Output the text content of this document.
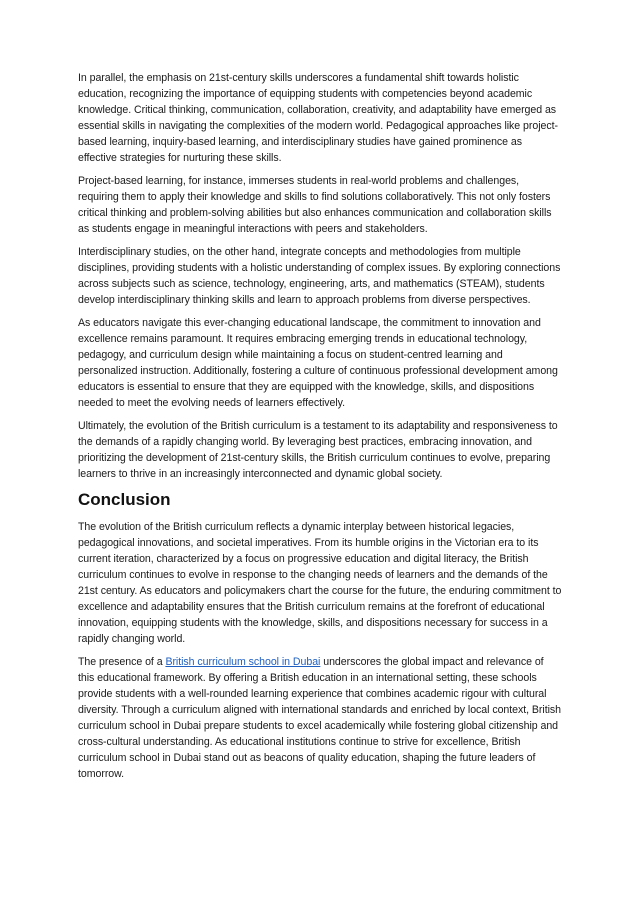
In parallel, the emphasis on 21st-century skills underscores a fundamental shift towards holistic education, recognizing the importance of equipping students with competencies beyond academic knowledge. Critical thinking, communication, collaboration, creativity, and adaptability have emerged as essential skills in navigating the complexities of the modern world. Pedagogical approaches like project-based learning, inquiry-based learning, and interdisciplinary studies have gained prominence as effective strategies for nurturing these skills.

Project-based learning, for instance, immerses students in real-world problems and challenges, requiring them to apply their knowledge and skills to find solutions collaboratively. This not only fosters critical thinking and problem-solving abilities but also enhances communication and collaboration skills as students engage in meaningful interactions with peers and stakeholders.

Interdisciplinary studies, on the other hand, integrate concepts and methodologies from multiple disciplines, providing students with a holistic understanding of complex issues. By exploring connections across subjects such as science, technology, engineering, arts, and mathematics (STEAM), students develop interdisciplinary thinking skills and learn to approach problems from diverse perspectives.

As educators navigate this ever-changing educational landscape, the commitment to innovation and excellence remains paramount. It requires embracing emerging trends in educational technology, pedagogy, and curriculum design while maintaining a focus on student-centred learning and personalized instruction. Additionally, fostering a culture of continuous professional development among educators is essential to ensure that they are equipped with the knowledge, skills, and dispositions needed to meet the evolving needs of learners effectively.

Ultimately, the evolution of the British curriculum is a testament to its adaptability and responsiveness to the demands of a rapidly changing world. By leveraging best practices, embracing innovation, and prioritizing the development of 21st-century skills, the British curriculum continues to evolve, preparing learners to thrive in an increasingly interconnected and dynamic global society.

Conclusion

The evolution of the British curriculum reflects a dynamic interplay between historical legacies, pedagogical innovations, and societal imperatives. From its humble origins in the Victorian era to its current iteration, characterized by a focus on progressive education and digital literacy, the British curriculum continues to evolve in response to the changing needs of learners and the demands of the 21st century. As educators and policymakers chart the course for the future, the enduring commitment to excellence and adaptability ensures that the British curriculum remains at the forefront of educational innovation, equipping students with the knowledge, skills, and dispositions necessary for success in a rapidly changing world.

The presence of a British curriculum school in Dubai underscores the global impact and relevance of this educational framework. By offering a British education in an international setting, these schools provide students with a well-rounded learning experience that combines academic rigour with cultural diversity. Through a curriculum aligned with international standards and enriched by local context, British curriculum school in Dubai prepare students to excel academically while fostering global citizenship and cross-cultural understanding. As educational institutions continue to strive for excellence, British curriculum school in Dubai stand out as beacons of quality education, shaping the future leaders of tomorrow.
